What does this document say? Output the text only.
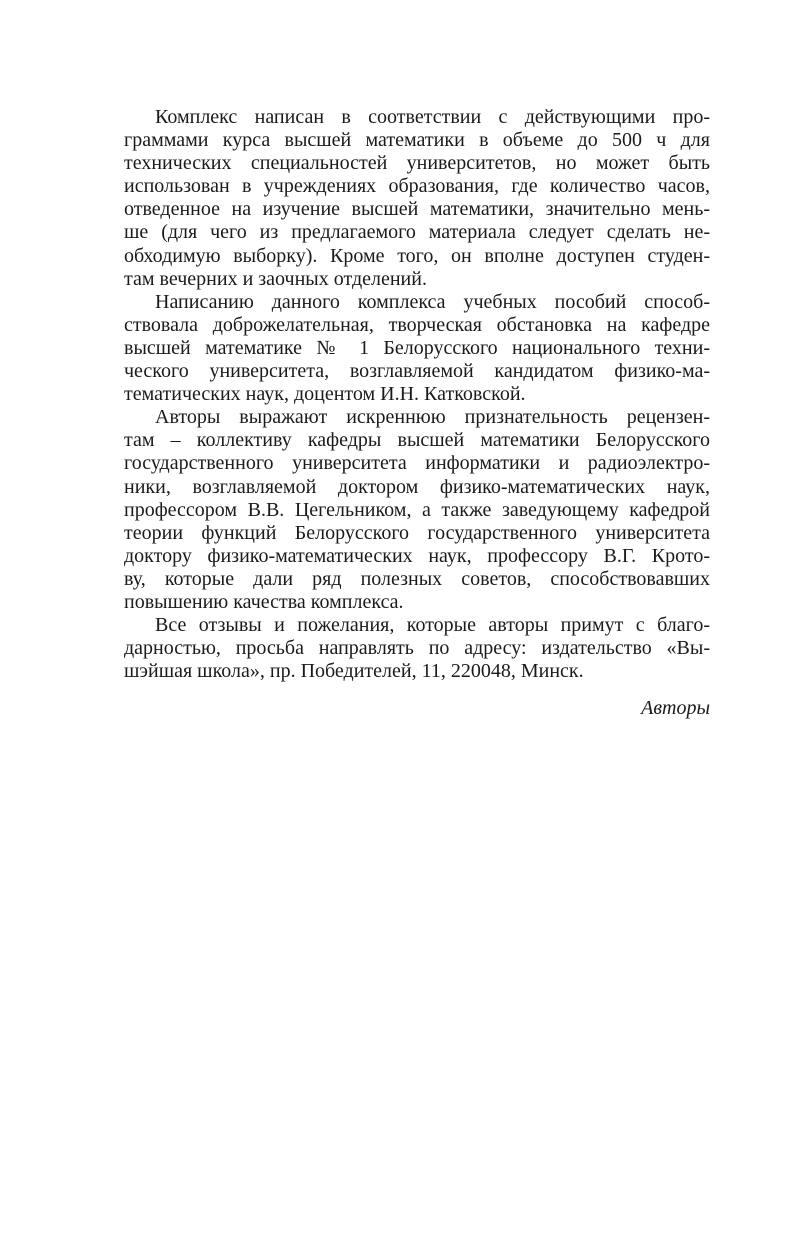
Комплекс написан в соответствии с действующими про-
граммами курса высшей математики в объеме до 500 ч для
технических специальностей университетов, но может быть
использован в учреждениях образования, где количество часов,
отведенное на изучение высшей математики, значительно мень-
ше (для чего из предлагаемого материала следует сделать не-
обходимую выборку). Кроме того, он вполне доступен студен-
там вечерних и заочных отделений.
Написанию данного комплекса учебных пособий способ-
ствовала доброжелательная, творческая обстановка на кафедре
высшей математике № 1 Белорусского национального техни-
ческого университета, возглавляемой кандидатом физико-ма-
тематических наук, доцентом И.Н. Катковской.
Авторы выражают искреннюю признательность рецензен-
там – коллективу кафедры высшей математики Белорусского
государственного университета информатики и радиоэлектро-
ники, возглавляемой доктором физико-математических наук,
профессором В.В. Цегельником, а также заведующему кафедрой
теории функций Белорусского государственного университета
доктору физико-математических наук, профессору В.Г. Крото-
ву, которые дали ряд полезных советов, способствовавших
повышению качества комплекса.
Все отзывы и пожелания, которые авторы примут с благо-
дарностью, просьба направлять по адресу: издательство «Вы-
шэйшая школа», пр. Победителей, 11, 220048, Минск.
Авторы
